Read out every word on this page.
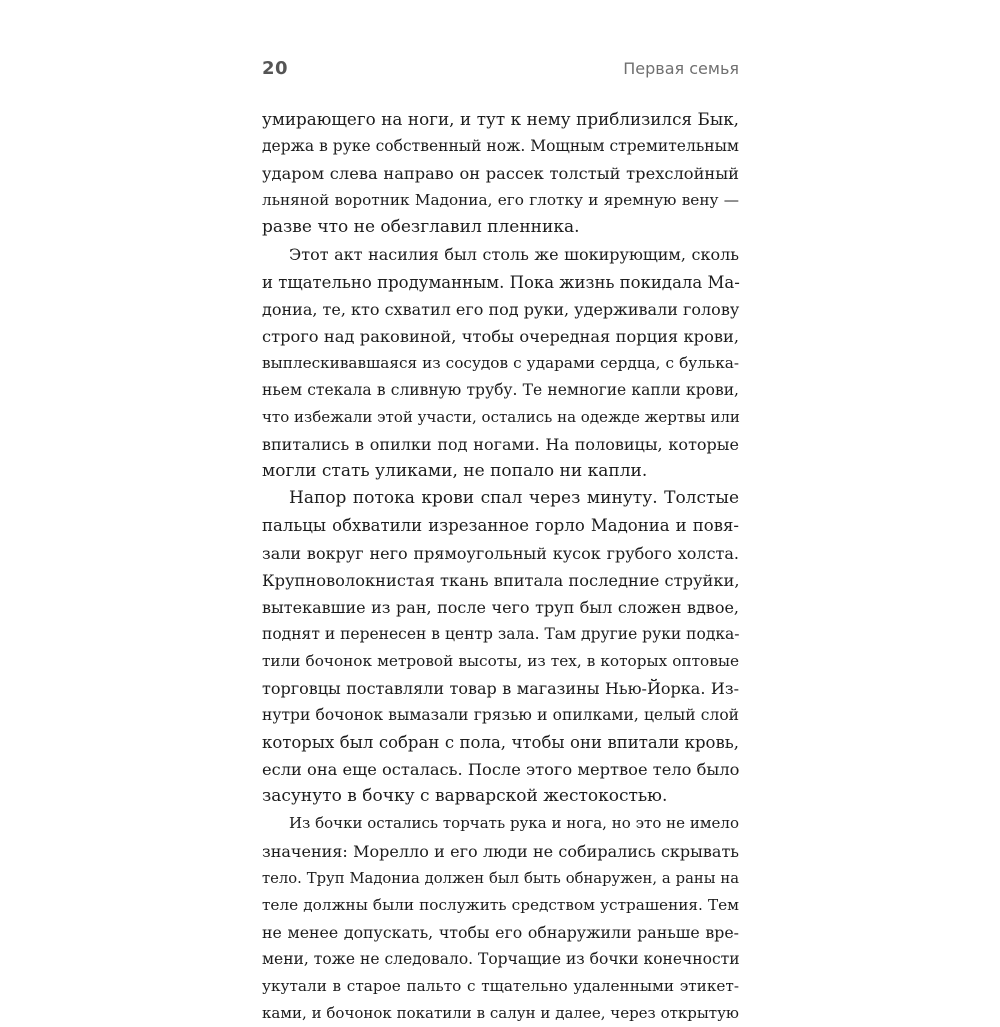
20	Первая семья
умирающего на ноги, и тут к нему приблизился Бык,
держа в руке собственный нож. Мощным стремительным
ударом слева направо он рассек толстый трехслойный
льняной воротник Мадониа, его глотку и яремную вену —
разве что не обезглавил пленника.
Этот акт насилия был столь же шокирующим, сколь
и тщательно продуманным. Пока жизнь покидала Ма-
дониа, те, кто схватил его под руки, удерживали голову
строго над раковиной, чтобы очередная порция крови,
выплескивавшаяся из сосудов с ударами сердца, с булька-
ньем стекала в сливную трубу. Те немногие капли крови,
что избежали этой участи, остались на одежде жертвы или
впитались в опилки под ногами. На половицы, которые
могли стать уликами, не попало ни капли.
Напор потока крови спал через минуту. Толстые
пальцы обхватили изрезанное горло Мадониа и повя-
зали вокруг него прямоугольный кусок грубого холста.
Крупноволокнистая ткань впитала последние струйки,
вытекавшие из ран, после чего труп был сложен вдвое,
поднят и перенесен в центр зала. Там другие руки подка-
тили бочонок метровой высоты, из тех, в которых оптовые
торговцы поставляли товар в магазины Нью-Йорка. Из-
нутри бочонок вымазали грязью и опилками, целый слой
которых был собран с пола, чтобы они впитали кровь,
если она еще осталась. После этого мертвое тело было
засунуто в бочку с варварской жестокостью.
Из бочки остались торчать рука и нога, но это не имело
значения: Морелло и его люди не собирались скрывать
тело. Труп Мадониа должен был быть обнаружен, а раны на
теле должны были послужить средством устрашения. Тем
не менее допускать, чтобы его обнаружили раньше вре-
мени, тоже не следовало. Торчащие из бочки конечности
укутали в старое пальто с тщательно удаленными этикет-
ками, и бочонок покатили в салун и далее, через открытую
